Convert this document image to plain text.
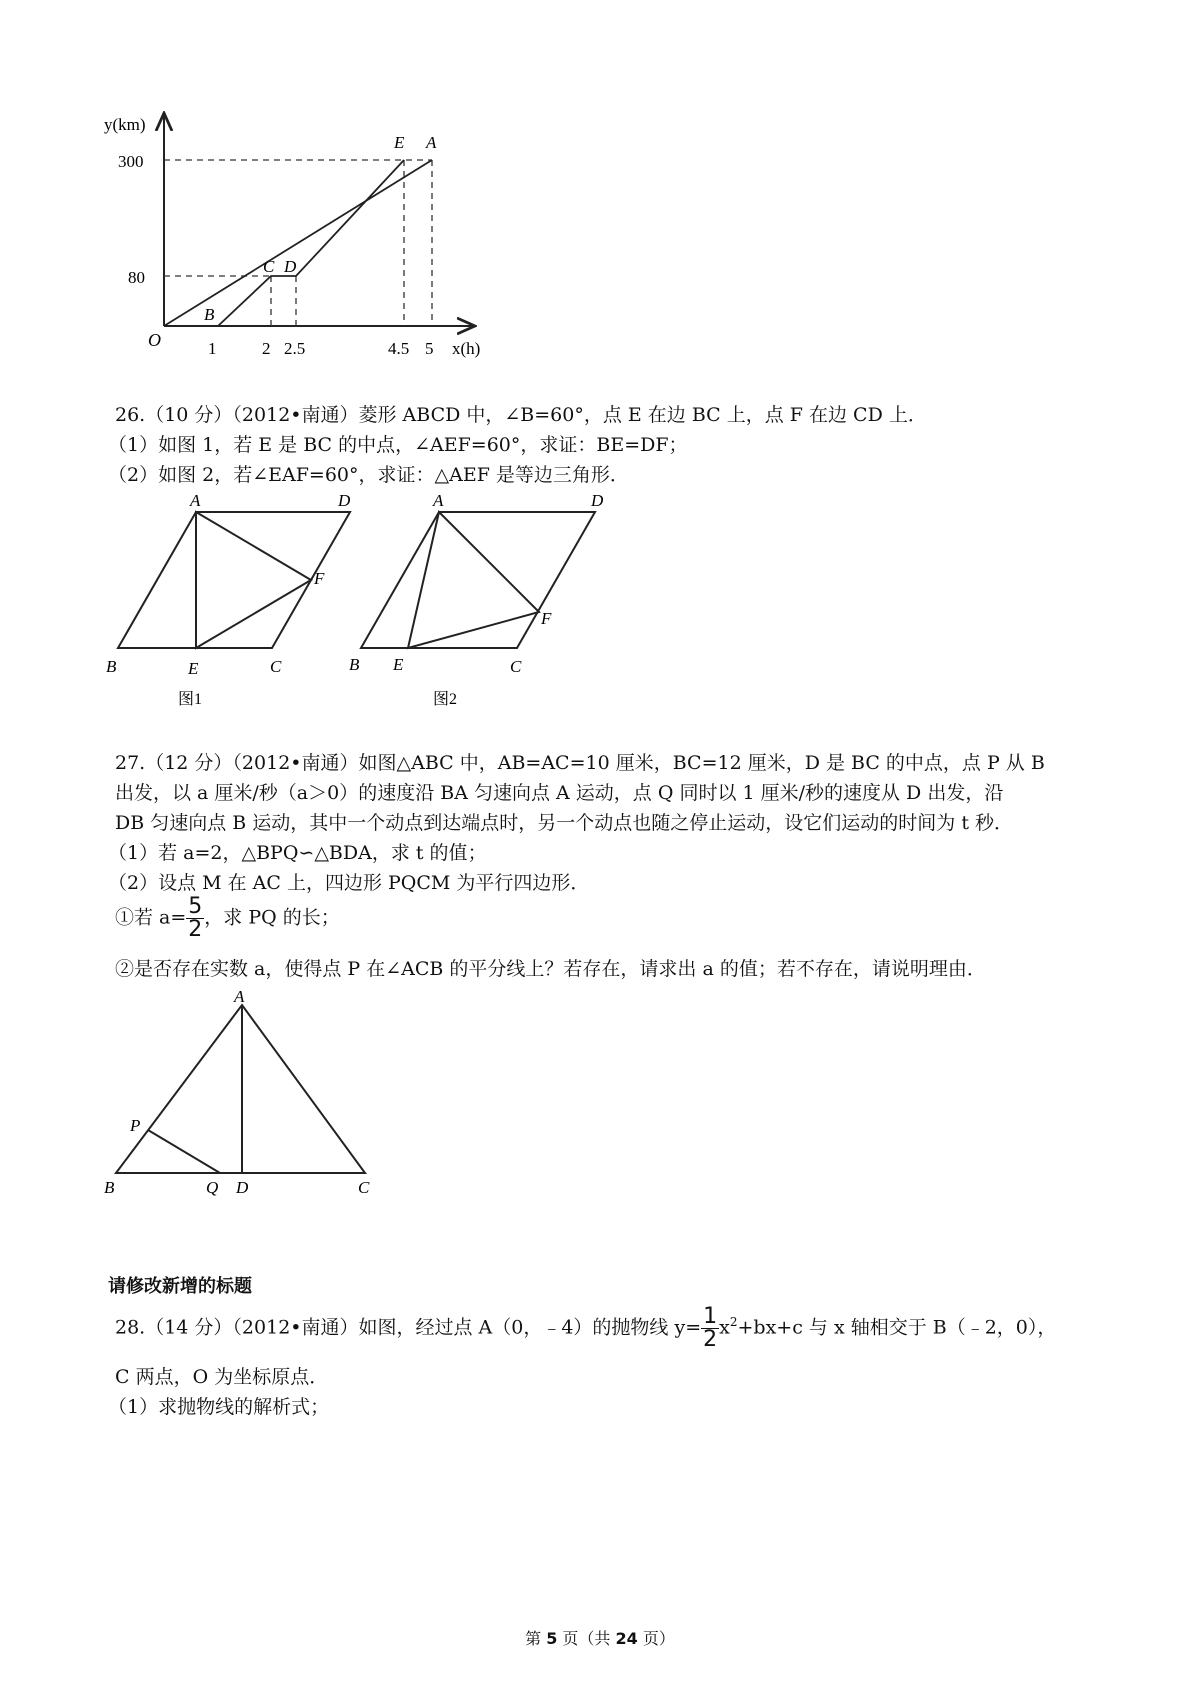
y(km)
x(h)
O
300
80
1	2 2.5	4.5 5
E A
C D
B
26.（10 分）（2012•南通）菱形 ABCD 中，∠B=60°，点 E 在边 BC 上，点 F 在边 CD 上．
（1）如图 1，若 E 是 BC 的中点，∠AEF=60°，求证：BE=DF；
（2）如图 2，若∠EAF=60°，求证：△AEF 是等边三角形．
A	D
F
B	E	C
图1
A	D
F
B E	C
图2
27.（12 分）（2012•南通）如图△ABC 中，AB=AC=10 厘米，BC=12 厘米，D 是 BC 的中点，点 P 从 B
出发，以 a 厘米/秒（a＞0）的速度沿 BA 匀速向点 A 运动，点 Q 同时以 1 厘米/秒的速度从 D 出发，沿
DB 匀速向点 B 运动，其中一个动点到达端点时，另一个动点也随之停止运动，设它们运动的时间为 t 秒．
（1）若 a=2，△BPQ∽△BDA，求 t 的值；
（2）设点 M 在 AC 上，四边形 PQCM 为平行四边形．
①若 $a= \frac{5}{2}$ ，求 PQ 的长；
②是否存在实数 a，使得点 P 在∠ACB 的平分线上？若存在，请求出 a 的值；若不存在，请说明理由．
A
P
B	Q D	C
请修改新增的标题
28.（14 分）（2012•南通）如图，经过点 A（0，﹣4）的抛物线 $y= \frac{1}{2} x^2+bx+c$ 与 x 轴相交于 B（﹣2，0），
C 两点，O 为坐标原点．
（1）求抛物线的解析式；
第 5 页（共 24 页）
